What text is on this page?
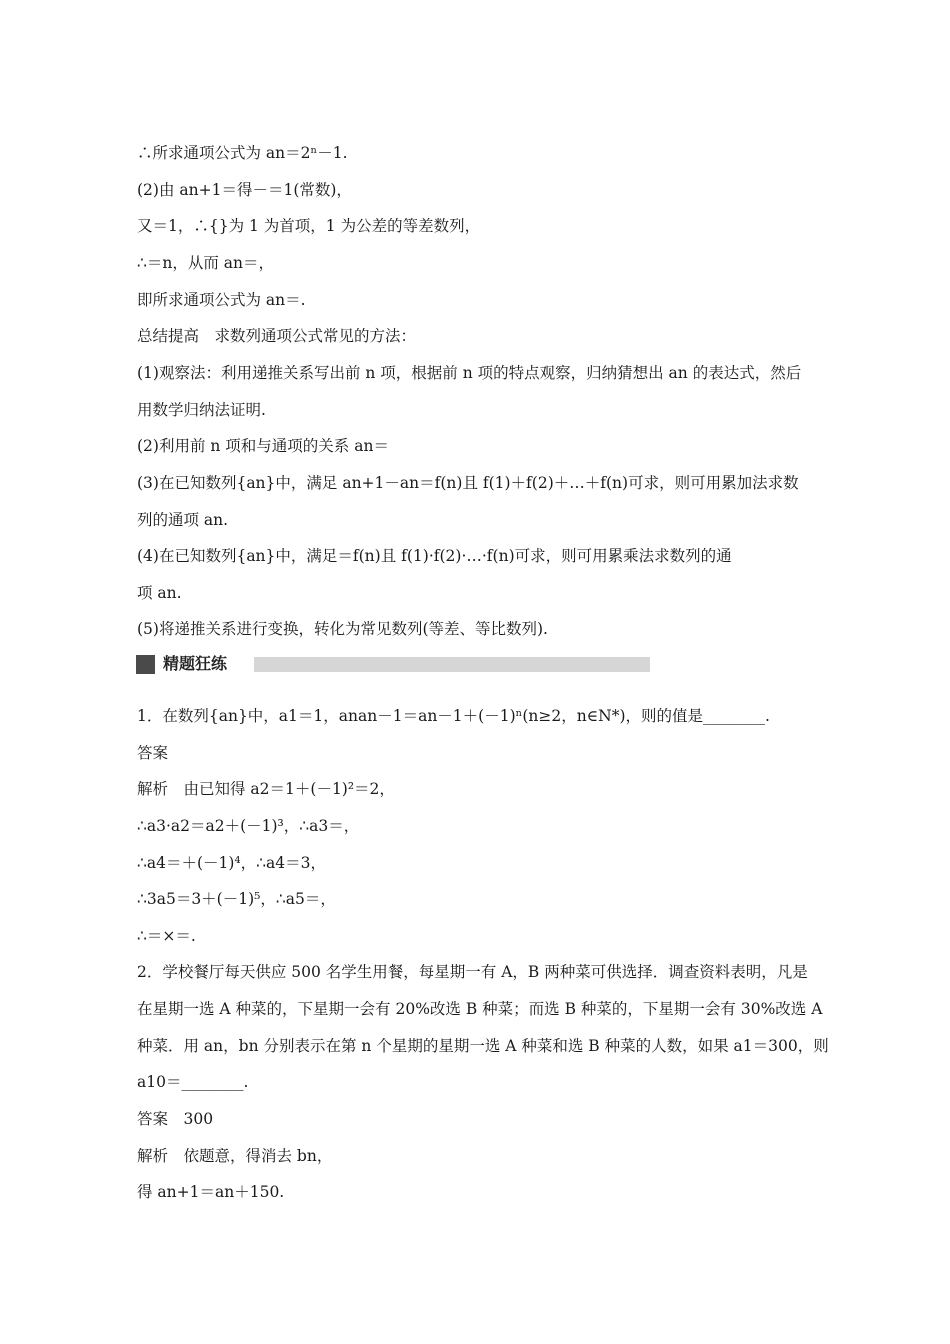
∴所求通项公式为 an＝2ⁿ－1.
(2)由 an+1＝得－＝1(常数)，
又＝1，∴{}为 1 为首项，1 为公差的等差数列，
∴＝n，从而 an＝，
即所求通项公式为 an＝.
总结提高　求数列通项公式常见的方法：
(1)观察法：利用递推关系写出前 n 项，根据前 n 项的特点观察，归纳猜想出 an 的表达式，然后
用数学归纳法证明.
(2)利用前 n 项和与通项的关系 an＝
(3)在已知数列{an}中，满足 an+1－an＝f(n)且 f(1)＋f(2)＋…＋f(n)可求，则可用累加法求数
列的通项 an.
(4)在已知数列{an}中，满足＝f(n)且 f(1)·f(2)·…·f(n)可求，则可用累乘法求数列的通
项 an.
(5)将递推关系进行变换，转化为常见数列(等差、等比数列).
精题狂练
1．在数列{an}中，a1＝1，anan－1＝an－1＋(－1)ⁿ(n≥2，n∈N*)，则的值是________.
答案
解析　由已知得 a2＝1＋(－1)²＝2，
∴a3·a2＝a2＋(－1)³，∴a3＝，
∴a4＝＋(－1)⁴，∴a4＝3，
∴3a5＝3＋(－1)⁵，∴a5＝，
∴＝×＝.
2．学校餐厅每天供应 500 名学生用餐，每星期一有 A，B 两种菜可供选择．调查资料表明，凡是
在星期一选 A 种菜的，下星期一会有 20%改选 B 种菜；而选 B 种菜的，下星期一会有 30%改选 A
种菜．用 an，bn 分别表示在第 n 个星期的星期一选 A 种菜和选 B 种菜的人数，如果 a1＝300，则
a10＝________.
答案　300
解析　依题意，得消去 bn，
得 an+1＝an＋150.
